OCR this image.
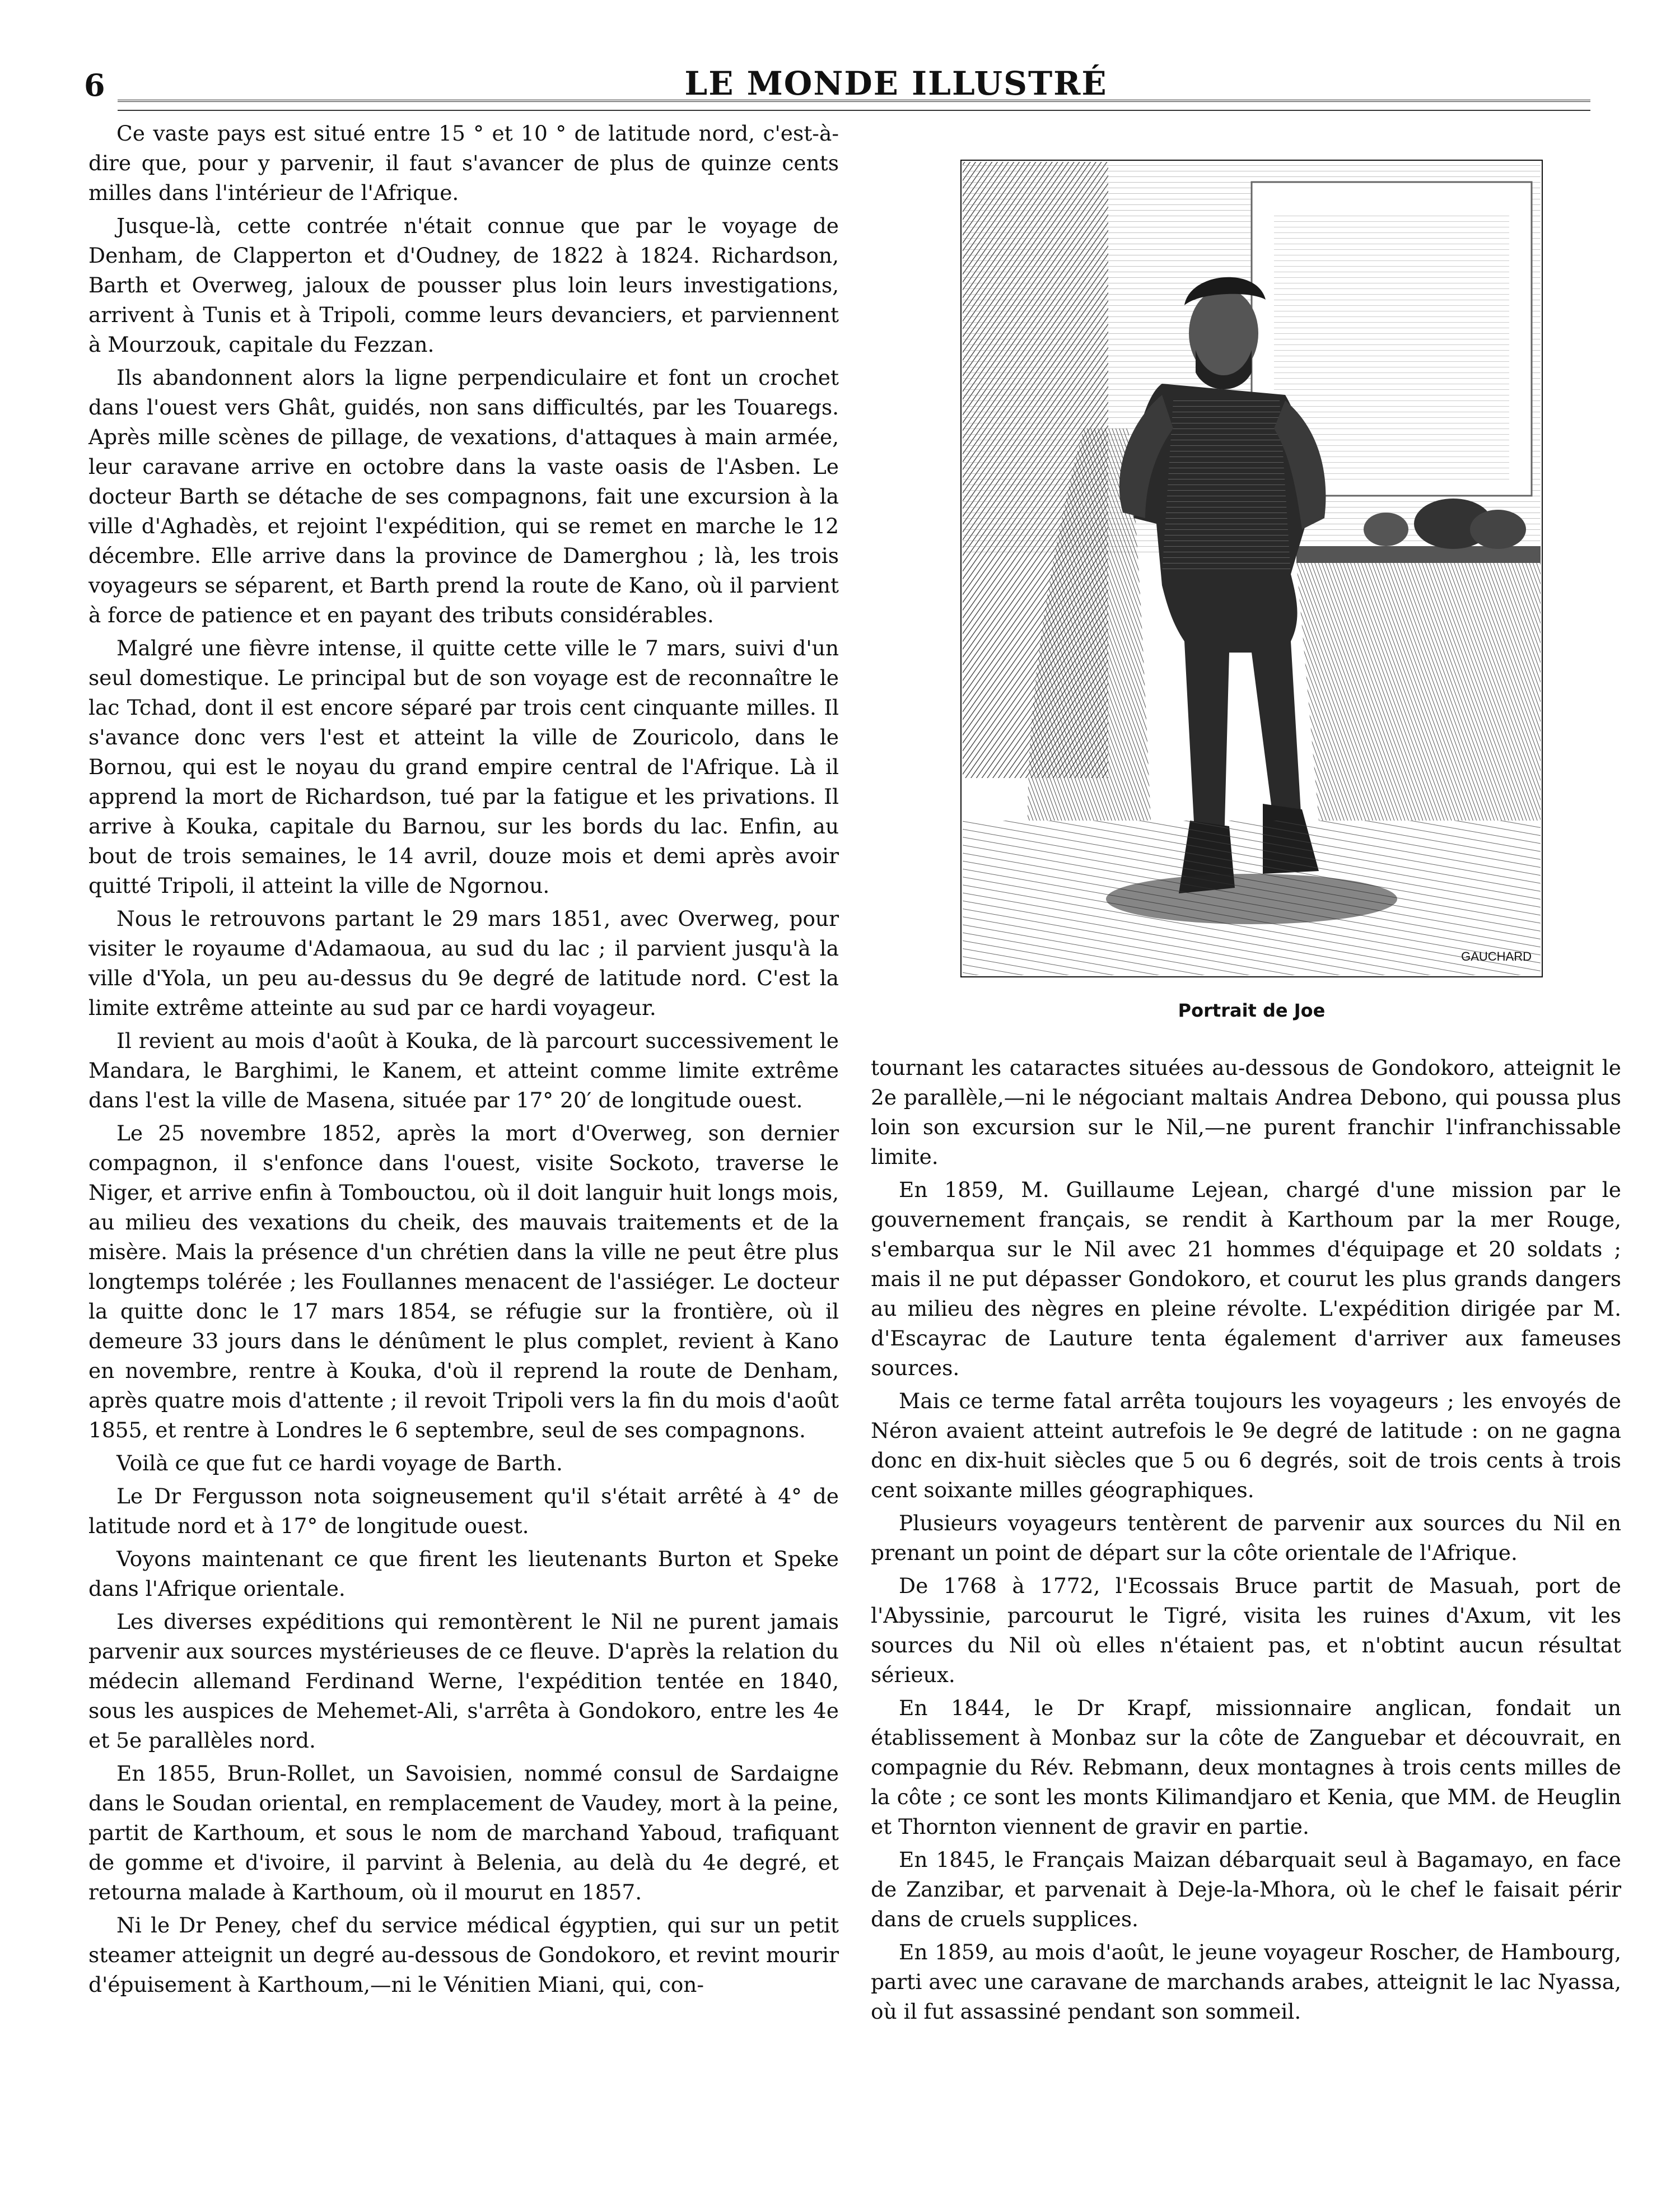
6	LE MONDE ILLUSTRÉ

Ce vaste pays est situé entre 15 ° et 10 ° de latitude nord, c'est-à-dire que, pour y parvenir, il faut s'avancer de plus de quinze cents milles dans l'intérieur de l'Afrique.

Jusque-là, cette contrée n'était connue que par le voyage de Denham, de Clapperton et d'Oudney, de 1822 à 1824. Richardson, Barth et Overweg, jaloux de pousser plus loin leurs investigations, arrivent à Tunis et à Tripoli, comme leurs devanciers, et parviennent à Mourzouk, capitale du Fezzan.

Ils abandonnent alors la ligne perpendiculaire et font un crochet dans l'ouest vers Ghât, guidés, non sans difficultés, par les Touaregs. Après mille scènes de pillage, de vexations, d'attaques à main armée, leur caravane arrive en octobre dans la vaste oasis de l'Asben. Le docteur Barth se détache de ses compagnons, fait une excursion à la ville d'Aghadès, et rejoint l'expédition, qui se remet en marche le 12 décembre. Elle arrive dans la province de Damerghou ; là, les trois voyageurs se séparent, et Barth prend la route de Kano, où il parvient à force de patience et en payant des tributs considérables.

Malgré une fièvre intense, il quitte cette ville le 7 mars, suivi d'un seul domestique. Le principal but de son voyage est de reconnaître le lac Tchad, dont il est encore séparé par trois cent cinquante milles. Il s'avance donc vers l'est et atteint la ville de Zouricolo, dans le Bornou, qui est le noyau du grand empire central de l'Afrique. Là il apprend la mort de Richardson, tué par la fatigue et les privations. Il arrive à Kouka, capitale du Barnou, sur les bords du lac. Enfin, au bout de trois semaines, le 14 avril, douze mois et demi après avoir quitté Tripoli, il atteint la ville de Ngornou.

Nous le retrouvons partant le 29 mars 1851, avec Overweg, pour visiter le royaume d'Adamaoua, au sud du lac ; il parvient jusqu'à la ville d'Yola, un peu au-dessus du 9e degré de latitude nord. C'est la limite extrême atteinte au sud par ce hardi voyageur.

Il revient au mois d'août à Kouka, de là parcourt successivement le Mandara, le Barghimi, le Kanem, et atteint comme limite extrême dans l'est la ville de Masena, située par 17° 20′ de longitude ouest.

Le 25 novembre 1852, après la mort d'Overweg, son dernier compagnon, il s'enfonce dans l'ouest, visite Sockoto, traverse le Niger, et arrive enfin à Tombouctou, où il doit languir huit longs mois, au milieu des vexations du cheik, des mauvais traitements et de la misère. Mais la présence d'un chrétien dans la ville ne peut être plus longtemps tolérée ; les Foullannes menacent de l'assiéger. Le docteur la quitte donc le 17 mars 1854, se réfugie sur la frontière, où il demeure 33 jours dans le dénûment le plus complet, revient à Kano en novembre, rentre à Kouka, d'où il reprend la route de Denham, après quatre mois d'attente ; il revoit Tripoli vers la fin du mois d'août 1855, et rentre à Londres le 6 septembre, seul de ses compagnons.

Voilà ce que fut ce hardi voyage de Barth.

Le Dr Fergusson nota soigneusement qu'il s'était arrêté à 4° de latitude nord et à 17° de longitude ouest.

Voyons maintenant ce que firent les lieutenants Burton et Speke dans l'Afrique orientale.

Les diverses expéditions qui remontèrent le Nil ne purent jamais parvenir aux sources mystérieuses de ce fleuve. D'après la relation du médecin allemand Ferdinand Werne, l'expédition tentée en 1840, sous les auspices de Mehemet-Ali, s'arrêta à Gondokoro, entre les 4e et 5e parallèles nord.

En 1855, Brun-Rollet, un Savoisien, nommé consul de Sardaigne dans le Soudan oriental, en remplacement de Vaudey, mort à la peine, partit de Karthoum, et sous le nom de marchand Yaboud, trafiquant de gomme et d'ivoire, il parvint à Belenia, au delà du 4e degré, et retourna malade à Karthoum, où il mourut en 1857.

Ni le Dr Peney, chef du service médical égyptien, qui sur un petit steamer atteignit un degré au-dessous de Gondokoro, et revint mourir d'épuisement à Karthoum,—ni le Vénitien Miani, qui, con-

GAUCHARD
Portrait de Joe

tournant les cataractes situées au-dessous de Gondokoro, atteignit le 2e parallèle,—ni le négociant maltais Andrea Debono, qui poussa plus loin son excursion sur le Nil,—ne purent franchir l'infranchissable limite.

En 1859, M. Guillaume Lejean, chargé d'une mission par le gouvernement français, se rendit à Karthoum par la mer Rouge, s'embarqua sur le Nil avec 21 hommes d'équipage et 20 soldats ; mais il ne put dépasser Gondokoro, et courut les plus grands dangers au milieu des nègres en pleine révolte. L'expédition dirigée par M. d'Escayrac de Lauture tenta également d'arriver aux fameuses sources.

Mais ce terme fatal arrêta toujours les voyageurs ; les envoyés de Néron avaient atteint autrefois le 9e degré de latitude : on ne gagna donc en dix-huit siècles que 5 ou 6 degrés, soit de trois cents à trois cent soixante milles géographiques.

Plusieurs voyageurs tentèrent de parvenir aux sources du Nil en prenant un point de départ sur la côte orientale de l'Afrique.

De 1768 à 1772, l'Ecossais Bruce partit de Masuah, port de l'Abyssinie, parcourut le Tigré, visita les ruines d'Axum, vit les sources du Nil où elles n'étaient pas, et n'obtint aucun résultat sérieux.

En 1844, le Dr Krapf, missionnaire anglican, fondait un établissement à Monbaz sur la côte de Zanguebar et découvrait, en compagnie du Rév. Rebmann, deux montagnes à trois cents milles de la côte ; ce sont les monts Kilimandjaro et Kenia, que MM. de Heuglin et Thornton viennent de gravir en partie.

En 1845, le Français Maizan débarquait seul à Bagamayo, en face de Zanzibar, et parvenait à Deje-la-Mhora, où le chef le faisait périr dans de cruels supplices.

En 1859, au mois d'août, le jeune voyageur Roscher, de Hambourg, parti avec une caravane de marchands arabes, atteignit le lac Nyassa, où il fut assassiné pendant son sommeil.
